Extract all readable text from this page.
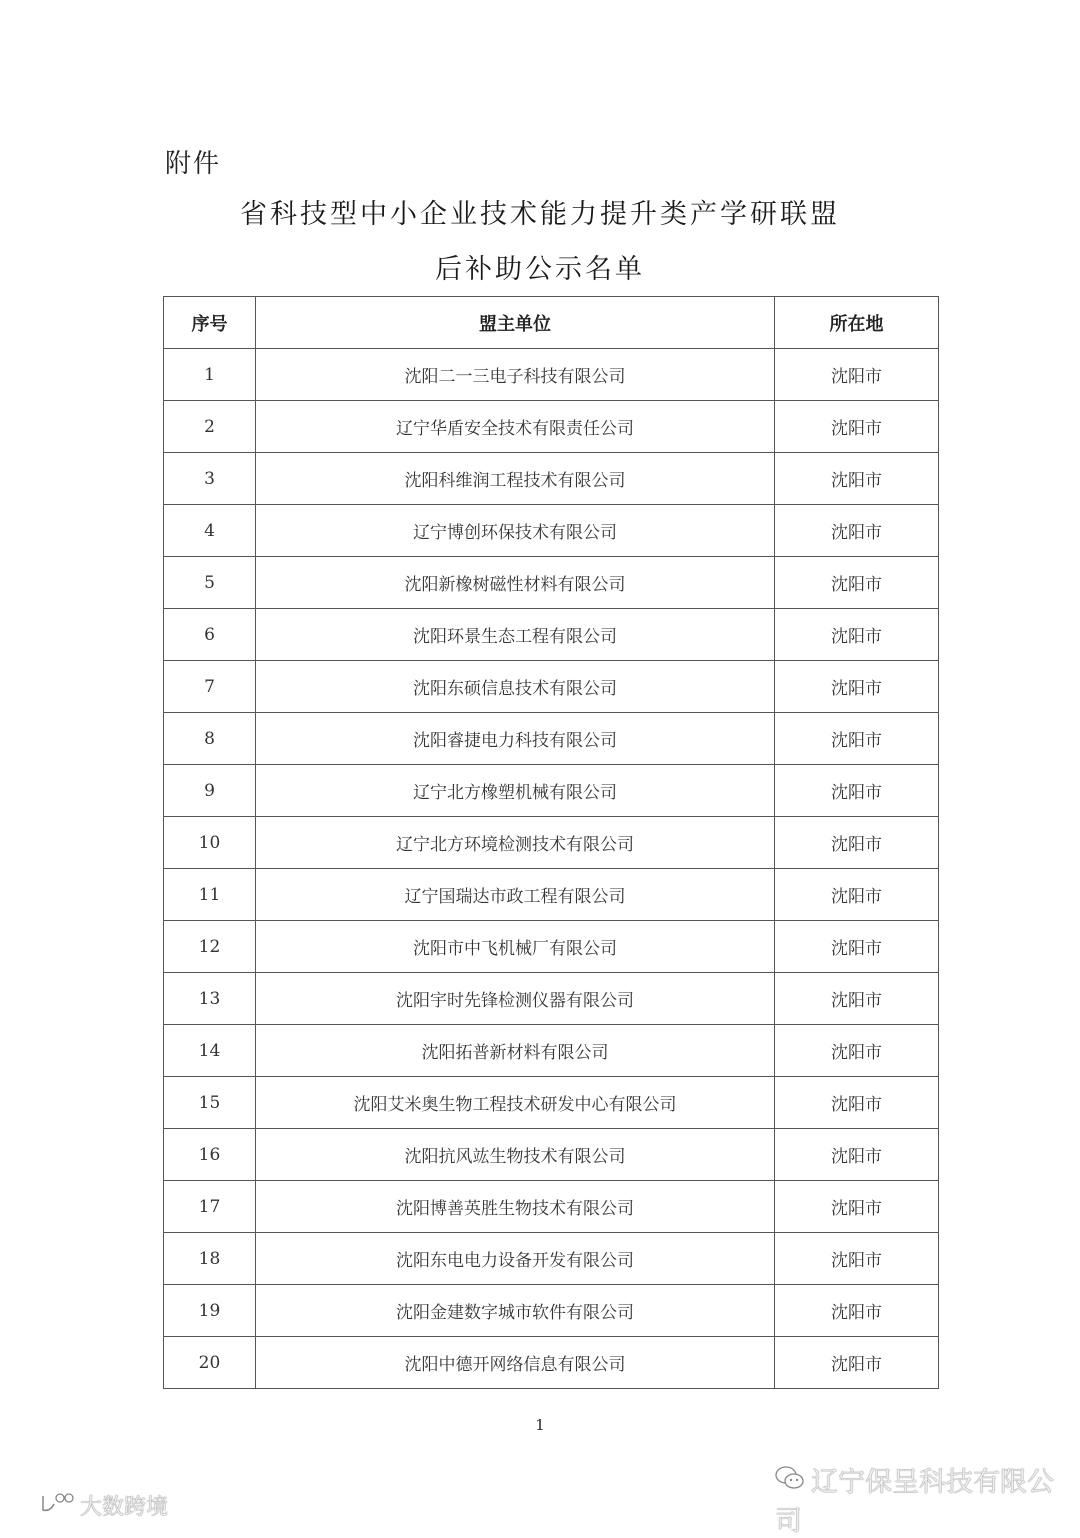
附件
省科技型中小企业技术能力提升类产学研联盟
后补助公示名单
序号	盟主单位	所在地
1	沈阳二一三电子科技有限公司	沈阳市
2	辽宁华盾安全技术有限责任公司	沈阳市
3	沈阳科维润工程技术有限公司	沈阳市
4	辽宁博创环保技术有限公司	沈阳市
5	沈阳新橡树磁性材料有限公司	沈阳市
6	沈阳环景生态工程有限公司	沈阳市
7	沈阳东硕信息技术有限公司	沈阳市
8	沈阳睿捷电力科技有限公司	沈阳市
9	辽宁北方橡塑机械有限公司	沈阳市
10	辽宁北方环境检测技术有限公司	沈阳市
11	辽宁国瑞达市政工程有限公司	沈阳市
12	沈阳市中飞机械厂有限公司	沈阳市
13	沈阳宇时先锋检测仪器有限公司	沈阳市
14	沈阳拓普新材料有限公司	沈阳市
15	沈阳艾米奥生物工程技术研发中心有限公司	沈阳市
16	沈阳抗风竑生物技术有限公司	沈阳市
17	沈阳博善英胜生物技术有限公司	沈阳市
18	沈阳东电电力设备开发有限公司	沈阳市
19	沈阳金建数字城市软件有限公司	沈阳市
20	沈阳中德开网络信息有限公司	沈阳市
1
辽宁保呈科技有限公司
大数跨境
